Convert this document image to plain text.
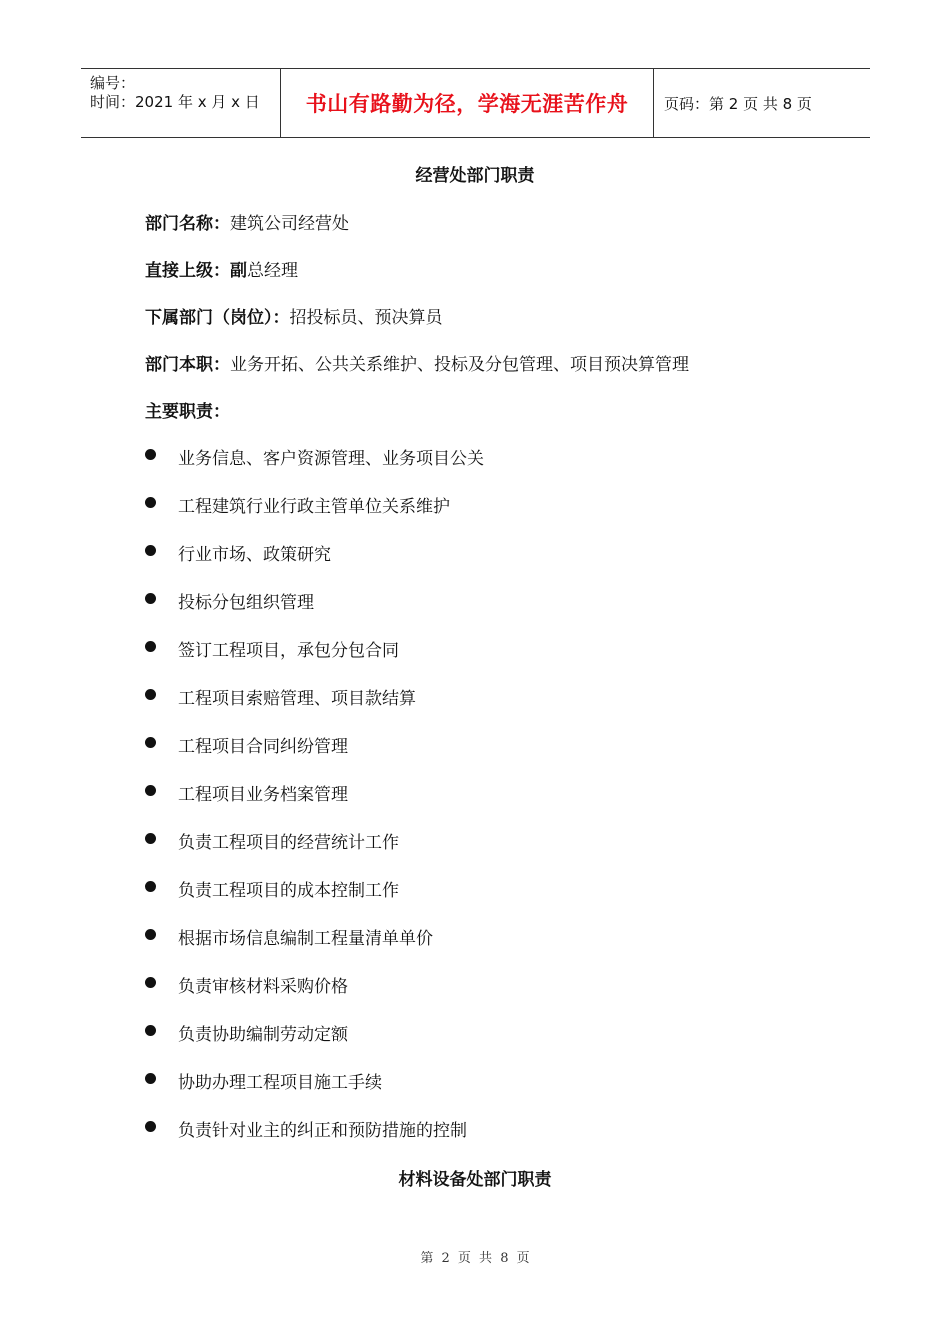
编号：
时间：2021 年 x 月 x 日 书山有路勤为径，学海无涯苦作舟 页码：第 2 页 共 8 页
经营处部门职责
部门名称：建筑公司经营处
直接上级：副总经理
下属部门（岗位）：招投标员、预决算员
部门本职：业务开拓、公共关系维护、投标及分包管理、项目预决算管理
主要职责：
业务信息、客户资源管理、业务项目公关
工程建筑行业行政主管单位关系维护
行业市场、政策研究
投标分包组织管理
签订工程项目，承包分包合同
工程项目索赔管理、项目款结算
工程项目合同纠纷管理
工程项目业务档案管理
负责工程项目的经营统计工作
负责工程项目的成本控制工作
根据市场信息编制工程量清单单价
负责审核材料采购价格
负责协助编制劳动定额
协助办理工程项目施工手续
负责针对业主的纠正和预防措施的控制
材料设备处部门职责
第 2 页 共 8 页
